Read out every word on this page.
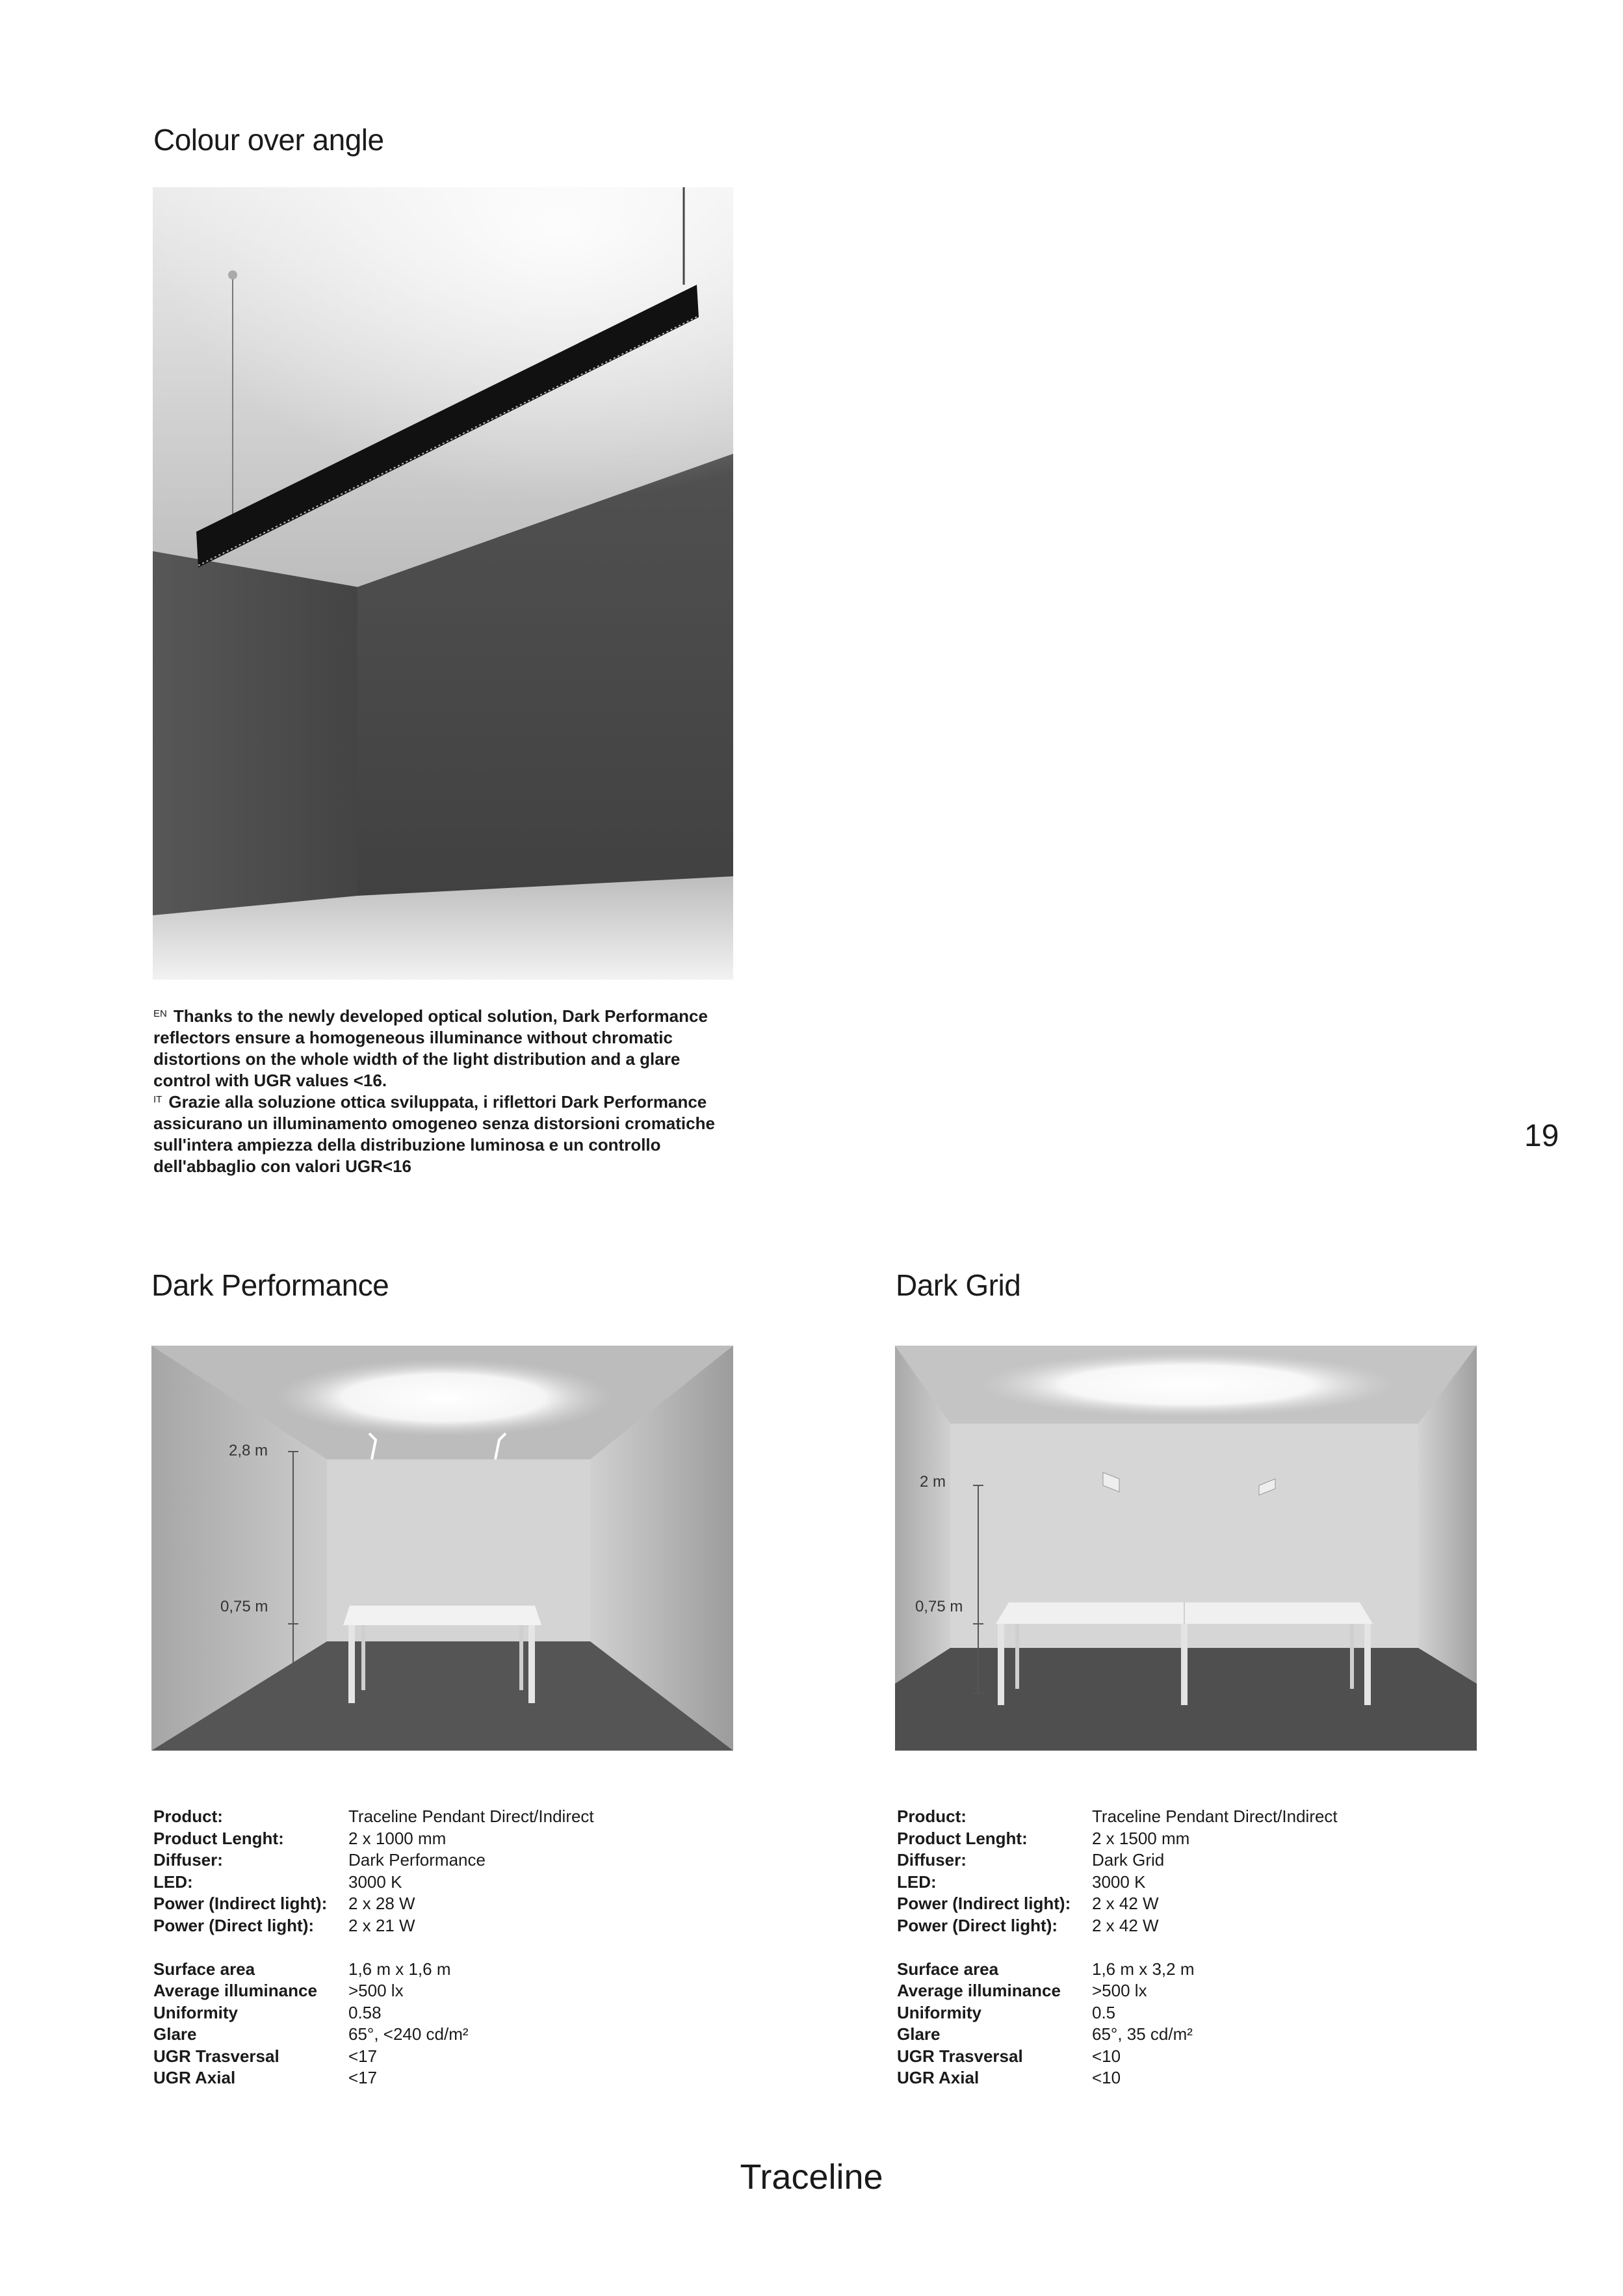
Colour over angle
$^{EN}$ Thanks to the newly developed optical solution, Dark Performance
reflectors ensure a homogeneous illuminance without chromatic
distortions on the whole width of the light distribution and a glare
control with UGR values <16.
$^{IT}$ Grazie alla soluzione ottica sviluppata, i riflettori Dark Performance
assicurano un illuminamento omogeneo senza distorsioni cromatiche
sull'intera ampiezza della distribuzione luminosa e un controllo
dell'abbaglio con valori UGR<16
19
Dark Performance
2,8 m
0,75 m
Product:	Traceline Pendant Direct/Indirect
Product Lenght:	2 x 1000 mm
Diffuser:	Dark Performance
LED:	3000 K
Power (Indirect light):	2 x 28 W
Power (Direct light):	2 x 21 W
Surface area	1,6 m x 1,6 m
Average illuminance	>500 lx
Uniformity	0.58
Glare	65°, <240 cd/m²
UGR Trasversal	<17
UGR Axial	<17
Dark Grid
2 m
0,75 m
Product:	Traceline Pendant Direct/Indirect
Product Lenght:	2 x 1500 mm
Diffuser:	Dark Grid
LED:	3000 K
Power (Indirect light):	2 x 42 W
Power (Direct light):	2 x 42 W
Surface area	1,6 m x 3,2 m
Average illuminance	>500 lx
Uniformity	0.5
Glare	65°, 35 cd/m²
UGR Trasversal	<10
UGR Axial	<10
Traceline
